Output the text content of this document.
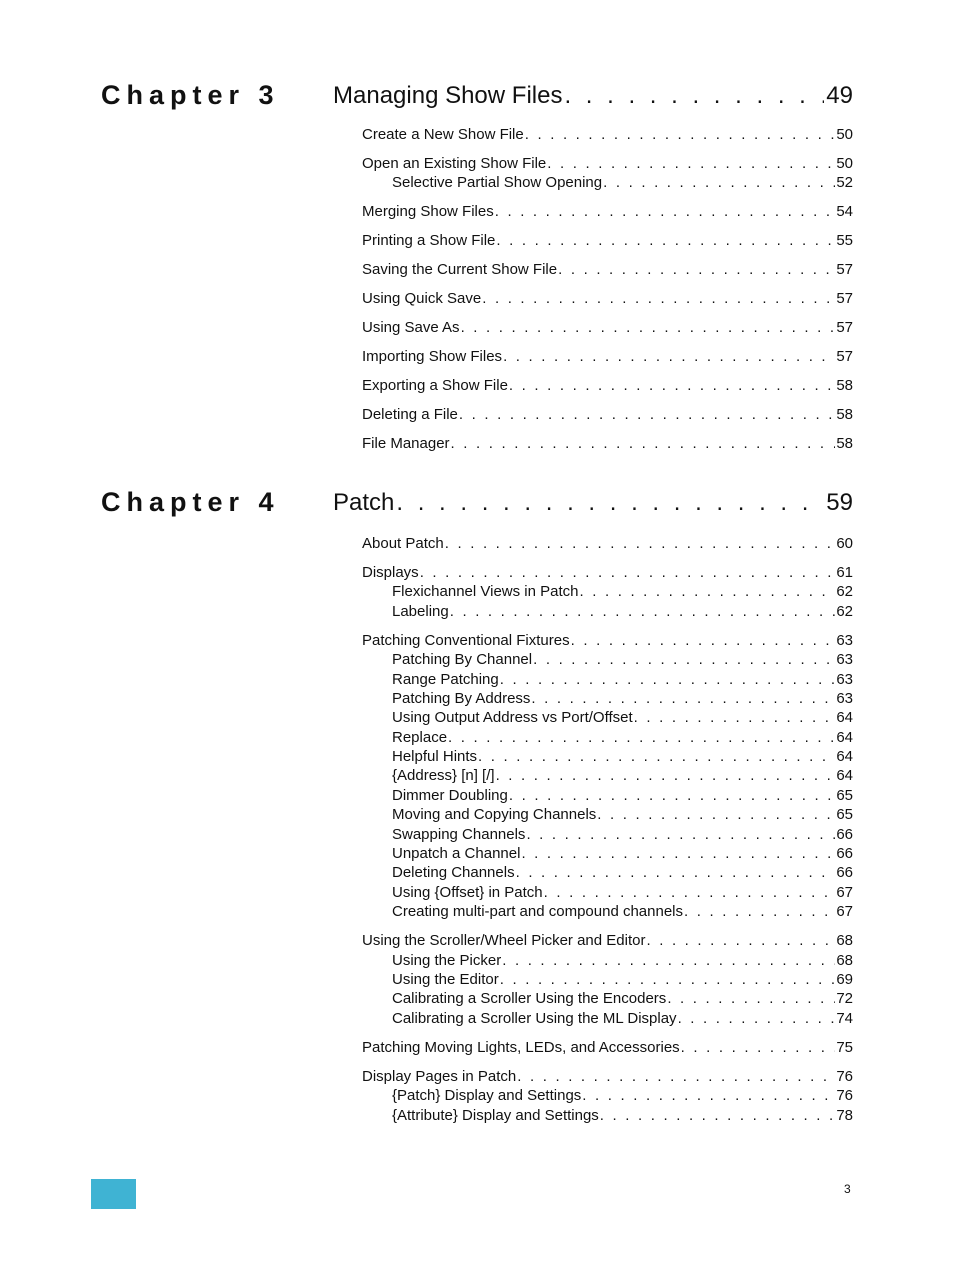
Chapter 3 Managing Show Files . . .	49
Create a New Show File . . .	50
Open an Existing Show File . . .	50
Selective Partial Show Opening . . .	52
Merging Show Files . . .	54
Printing a Show File . . .	55
Saving the Current Show File . . .	57
Using Quick Save . . .	57
Using Save As . . .	57
Importing Show Files . . .	57
Exporting a Show File . . .	58
Deleting a File . . .	58
File Manager . . .	58
Chapter 4 Patch . . .	59
About Patch . . .	60
Displays . . .	61
Flexichannel Views in Patch . . .	62
Labeling . . .	62
Patching Conventional Fixtures . . .	63
Patching By Channel . . .	63
Range Patching . . .	63
Patching By Address . . .	63
Using Output Address vs Port/Offset . . .	64
Replace . . .	64
Helpful Hints . . .	64
{Address} [n] [/] . . .	64
Dimmer Doubling . . .	65
Moving and Copying Channels . . .	65
Swapping Channels . . .	66
Unpatch a Channel . . .	66
Deleting Channels . . .	66
Using {Offset} in Patch . . .	67
Creating multi-part and compound channels . . .	67
Using the Scroller/Wheel Picker and Editor . . .	68
Using the Picker . . .	68
Using the Editor . . .	69
Calibrating a Scroller Using the Encoders . . .	72
Calibrating a Scroller Using the ML Display . . .	74
Patching Moving Lights, LEDs, and Accessories . . .	75
Display Pages in Patch . . .	76
{Patch} Display and Settings . . .	76
{Attribute} Display and Settings . . .	78
3
